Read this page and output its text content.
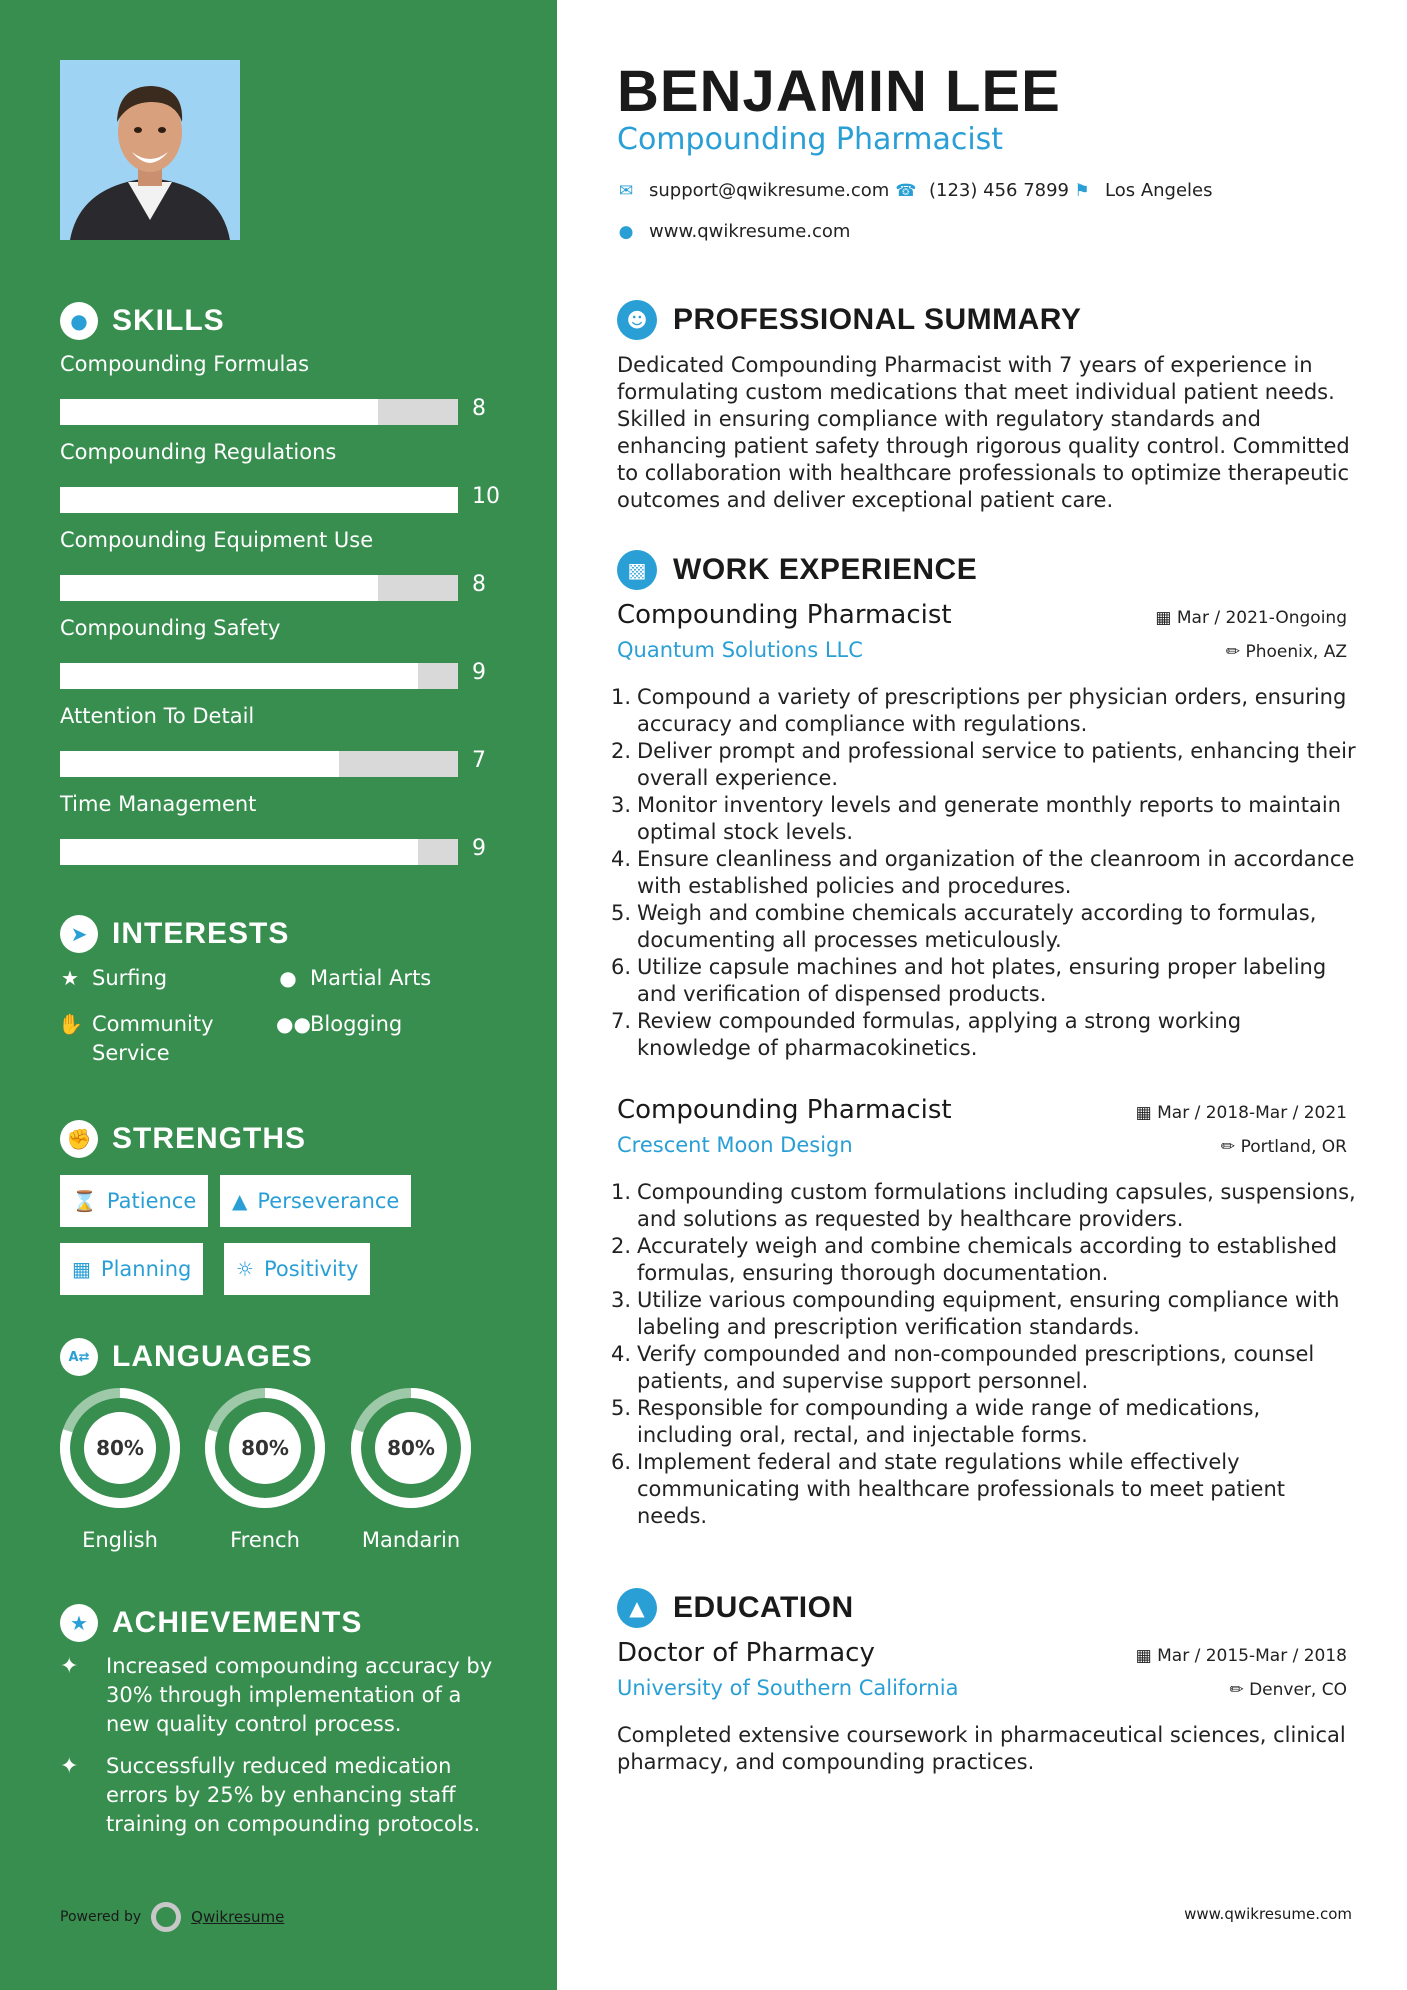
● SKILLS
Compounding Formulas
8
Compounding Regulations
10
Compounding Equipment Use
8
Compounding Safety
9
Attention To Detail
7
Time Management
9
➤ INTERESTS
★ Surfing	● Martial Arts
✋ Community Service
●● Blogging
✊ STRENGTHS
⌛ Patience ▲ Perseverance
▦ Planning ☼ Positivity
A⇄ LANGUAGES
80%
English
80%
French
80%
Mandarin
★ ACHIEVEMENTS
✦	Increased compounding accuracy by 30% through implementation of a new quality control process.
✦	Successfully reduced medication errors by 25% by enhancing staff training on compounding protocols.
Powered by	Qwikresume
BENJAMIN LEE
Compounding Pharmacist
✉ support@qwikresume.com ☎ (123) 456 7899 ⚑ Los Angeles
● www.qwikresume.com
☻ PROFESSIONAL SUMMARY
Dedicated Compounding Pharmacist with 7 years of experience in formulating custom medications that meet individual patient needs. Skilled in ensuring compliance with regulatory standards and enhancing patient safety through rigorous quality control. Committed to collaboration with healthcare professionals to optimize therapeutic outcomes and deliver exceptional patient care.
▩ WORK EXPERIENCE
Compounding Pharmacist
Quantum Solutions LLC
▦ Mar / 2021-Ongoing
✏ Phoenix, AZ
1. Compound a variety of prescriptions per physician orders, ensuring accuracy and compliance with regulations.
2. Deliver prompt and professional service to patients, enhancing their overall experience.
3. Monitor inventory levels and generate monthly reports to maintain optimal stock levels.
4. Ensure cleanliness and organization of the cleanroom in accordance with established policies and procedures.
5. Weigh and combine chemicals accurately according to formulas, documenting all processes meticulously.
6. Utilize capsule machines and hot plates, ensuring proper labeling and verification of dispensed products.
7. Review compounded formulas, applying a strong working knowledge of pharmacokinetics.
Compounding Pharmacist
Crescent Moon Design
▦ Mar / 2018-Mar / 2021
✏ Portland, OR
1. Compounding custom formulations including capsules, suspensions, and solutions as requested by healthcare providers.
2. Accurately weigh and combine chemicals according to established formulas, ensuring thorough documentation.
3. Utilize various compounding equipment, ensuring compliance with labeling and prescription verification standards.
4. Verify compounded and non-compounded prescriptions, counsel patients, and supervise support personnel.
5. Responsible for compounding a wide range of medications, including oral, rectal, and injectable forms.
6. Implement federal and state regulations while effectively communicating with healthcare professionals to meet patient needs.
▲ EDUCATION
Doctor of Pharmacy
University of Southern California
▦ Mar / 2015-Mar / 2018
✏ Denver, CO
Completed extensive coursework in pharmaceutical sciences, clinical pharmacy, and compounding practices.
www.qwikresume.com
